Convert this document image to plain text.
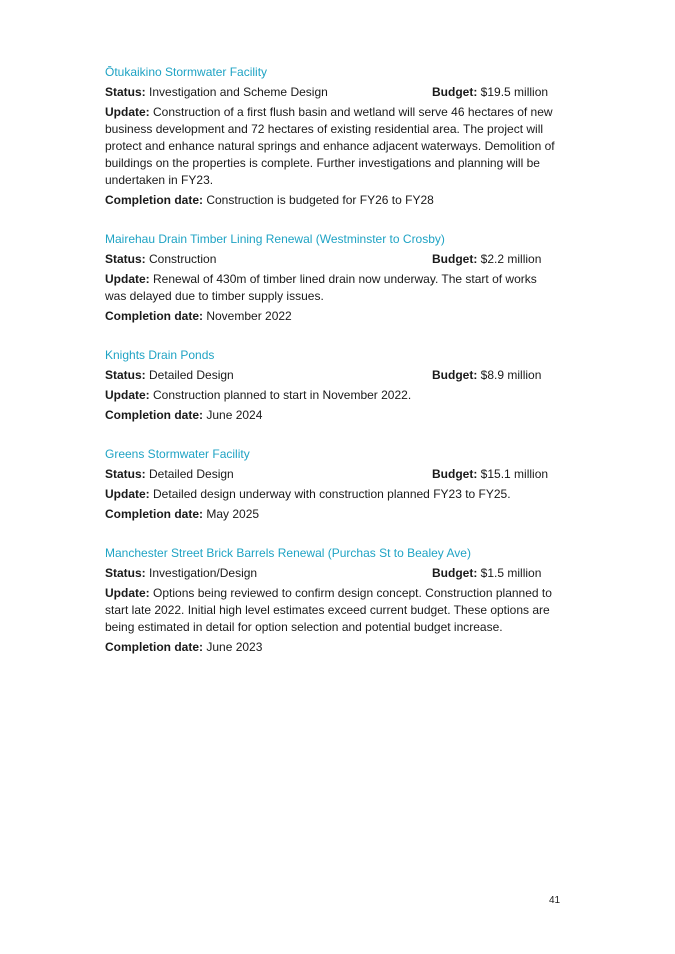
Ōtukaikino Stormwater Facility
Status: Investigation and Scheme Design	Budget: $19.5 million

Update: Construction of a first flush basin and wetland will serve 46 hectares of new business development and 72 hectares of existing residential area. The project will protect and enhance natural springs and enhance adjacent waterways. Demolition of buildings on the properties is complete. Further investigations and planning will be undertaken in FY23.

Completion date: Construction is budgeted for FY26 to FY28

Mairehau Drain Timber Lining Renewal (Westminster to Crosby)
Status: Construction	Budget: $2.2 million

Update: Renewal of 430m of timber lined drain now underway. The start of works was delayed due to timber supply issues.

Completion date: November 2022

Knights Drain Ponds
Status: Detailed Design	Budget: $8.9 million

Update: Construction planned to start in November 2022.

Completion date: June 2024

Greens Stormwater Facility
Status: Detailed Design	Budget: $15.1 million

Update: Detailed design underway with construction planned FY23 to FY25.

Completion date: May 2025

Manchester Street Brick Barrels Renewal (Purchas St to Bealey Ave)
Status: Investigation/Design	Budget: $1.5 million

Update: Options being reviewed to confirm design concept. Construction planned to start late 2022. Initial high level estimates exceed current budget. These options are being estimated in detail for option selection and potential budget increase.

Completion date: June 2023

41
